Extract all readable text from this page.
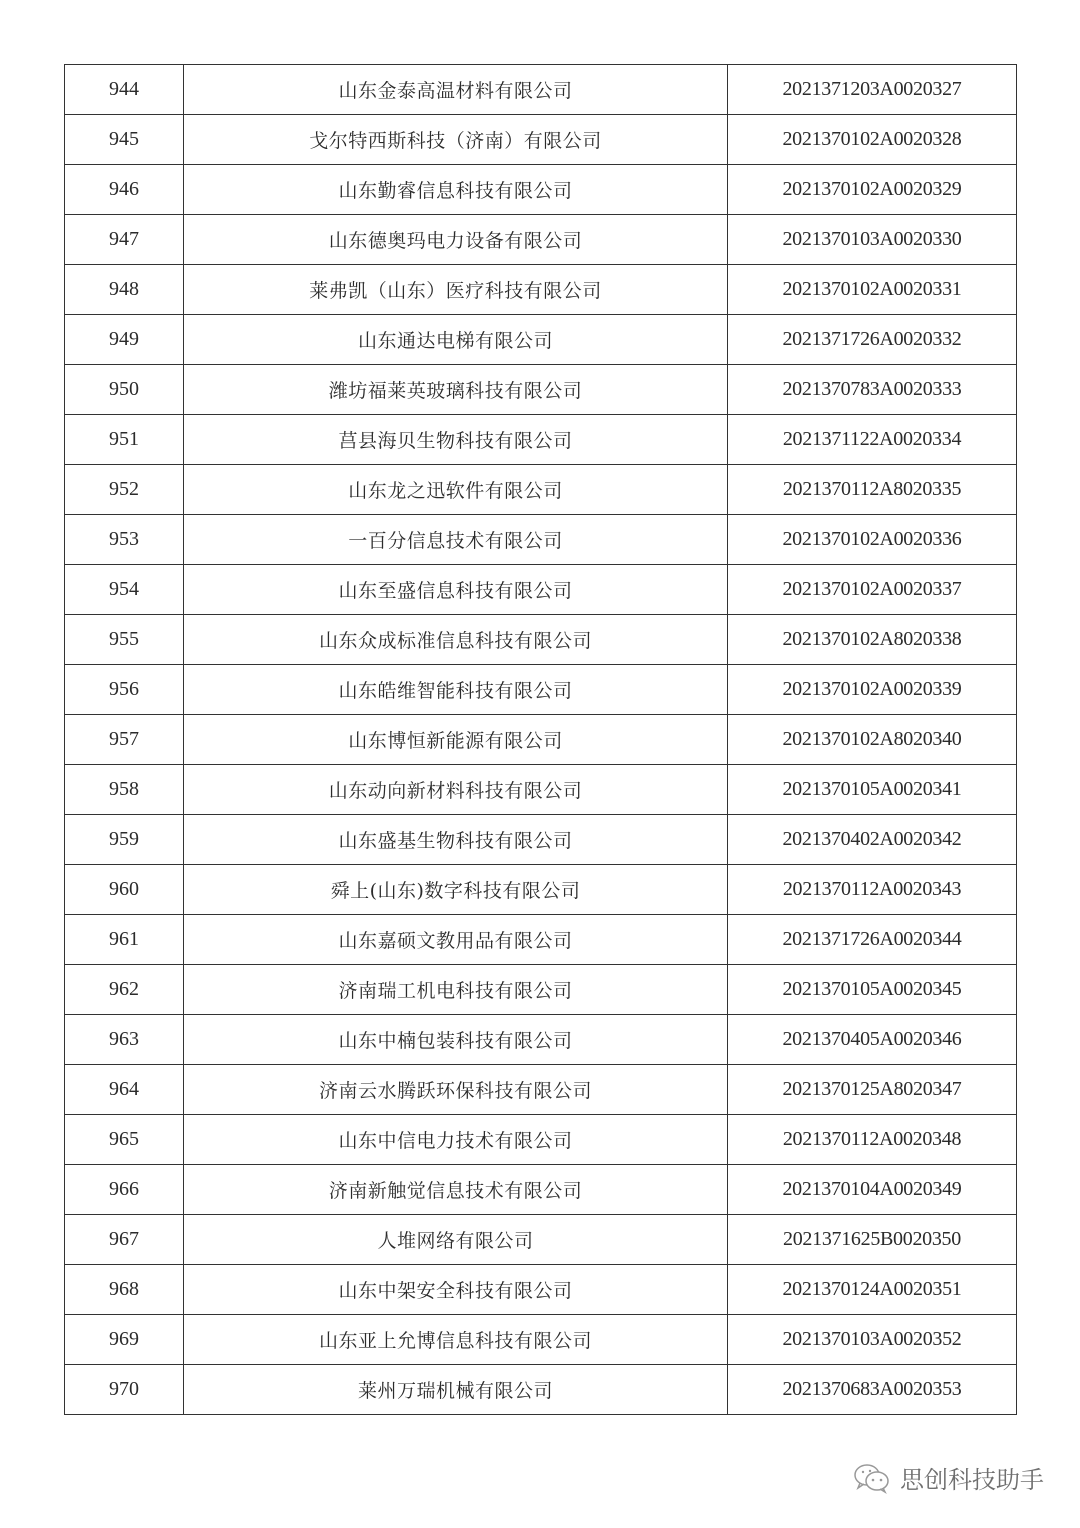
944	山东金泰高温材料有限公司	2021371203A0020327
945	戈尔特西斯科技（济南）有限公司	2021370102A0020328
946	山东勤睿信息科技有限公司	2021370102A0020329
947	山东德奥玛电力设备有限公司	2021370103A0020330
948	莱弗凯（山东）医疗科技有限公司	2021370102A0020331
949	山东通达电梯有限公司	2021371726A0020332
950	潍坊福莱英玻璃科技有限公司	2021370783A0020333
951	莒县海贝生物科技有限公司	2021371122A0020334
952	山东龙之迅软件有限公司	2021370112A8020335
953	一百分信息技术有限公司	2021370102A0020336
954	山东至盛信息科技有限公司	2021370102A0020337
955	山东众成标准信息科技有限公司	2021370102A8020338
956	山东皓维智能科技有限公司	2021370102A0020339
957	山东博恒新能源有限公司	2021370102A8020340
958	山东动向新材料科技有限公司	2021370105A0020341
959	山东盛基生物科技有限公司	2021370402A0020342
960	舜上(山东)数字科技有限公司	2021370112A0020343
961	山东嘉硕文教用品有限公司	2021371726A0020344
962	济南瑞工机电科技有限公司	2021370105A0020345
963	山东中楠包装科技有限公司	2021370405A0020346
964	济南云水腾跃环保科技有限公司	2021370125A8020347
965	山东中信电力技术有限公司	2021370112A0020348
966	济南新触觉信息技术有限公司	2021370104A0020349
967	人堆网络有限公司	2021371625B0020350
968	山东中架安全科技有限公司	2021370124A0020351
969	山东亚上允博信息科技有限公司	2021370103A0020352
970	莱州万瑞机械有限公司	2021370683A0020353
思创科技助手
